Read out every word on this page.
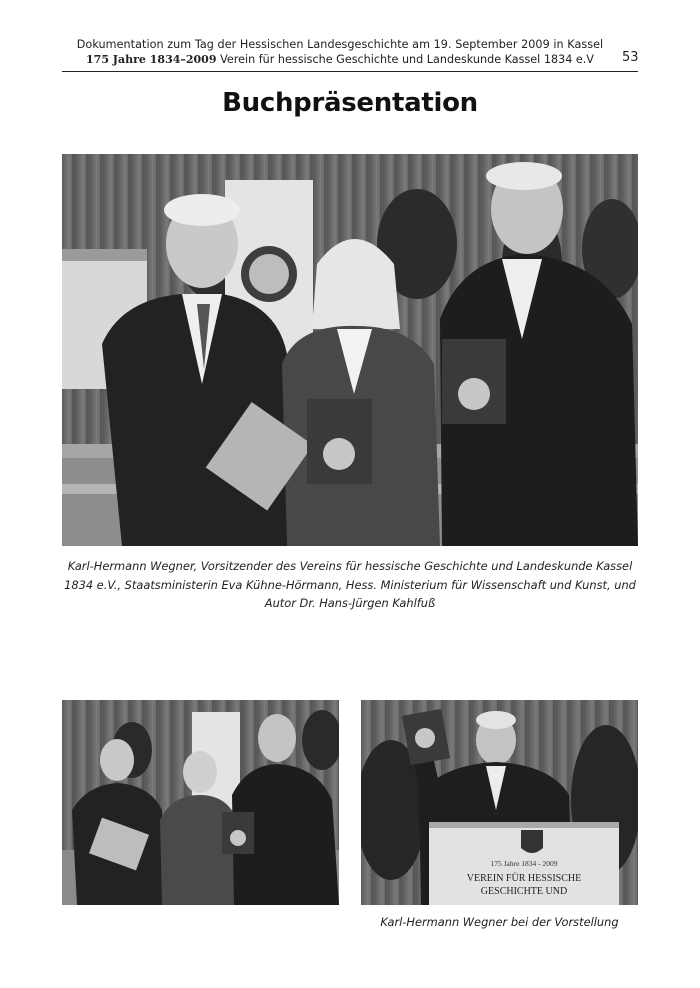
Dokumentation zum Tag der Hessischen Landesgeschichte am 19. September 2009 in Kassel
175 Jahre 1834–2009 Verein für hessische Geschichte und Landeskunde Kassel 1834 e.V	53
Buchpräsentation
Karl-Hermann Wegner, Vorsitzender des Vereins für hessische Geschichte und Landeskunde Kassel 1834 e.V., Staatsministerin Eva Kühne-Hörmann, Hess. Ministerium für Wissenschaft und Kunst, und Autor Dr. Hans-Jürgen Kahlfuß
175 Jahre 1834 - 2009
VEREIN FÜR HESSISCHE
GESCHICHTE UND
Karl-Hermann Wegner bei der Vorstellung
